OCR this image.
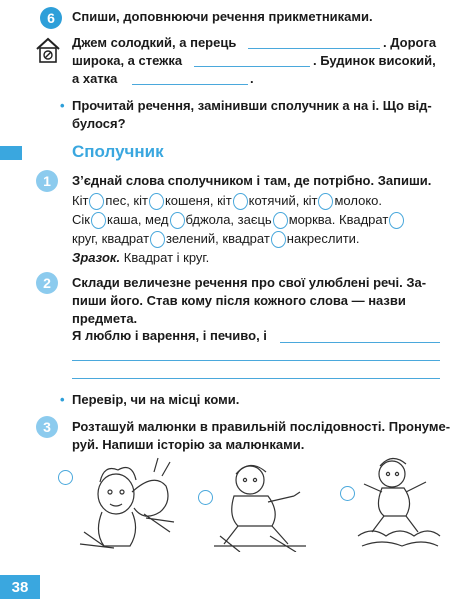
6 Спиши, доповнюючи речення прикметниками.
Джем солодкий, а перець	. Дорога
широка, а стежка	. Будинок високий,
а хатка	.
• Прочитай речення, замінивши сполучник а на і. Що від-
булося?
Сполучник
1 З’єднай слова сполучником і там, де потрібно. Запиши.
Кіт пес, кіт кошеня, кіт котячий, кіт молоко.
Сік каша, мед бджола, заєць морква. Квадрат
круг, квадрат зелений, квадрат накреслити.
Зразок. Квадрат і круг.
2 Склади величезне речення про свої улюблені речі. За-
пиши його. Став кому після кожного слова — назви
предмета.
Я люблю і варення, і печиво, і
• Перевір, чи на місці коми.
3 Розташуй малюнки в правильній послідовності. Пронуме-
руй. Напиши історію за малюнками.
38
